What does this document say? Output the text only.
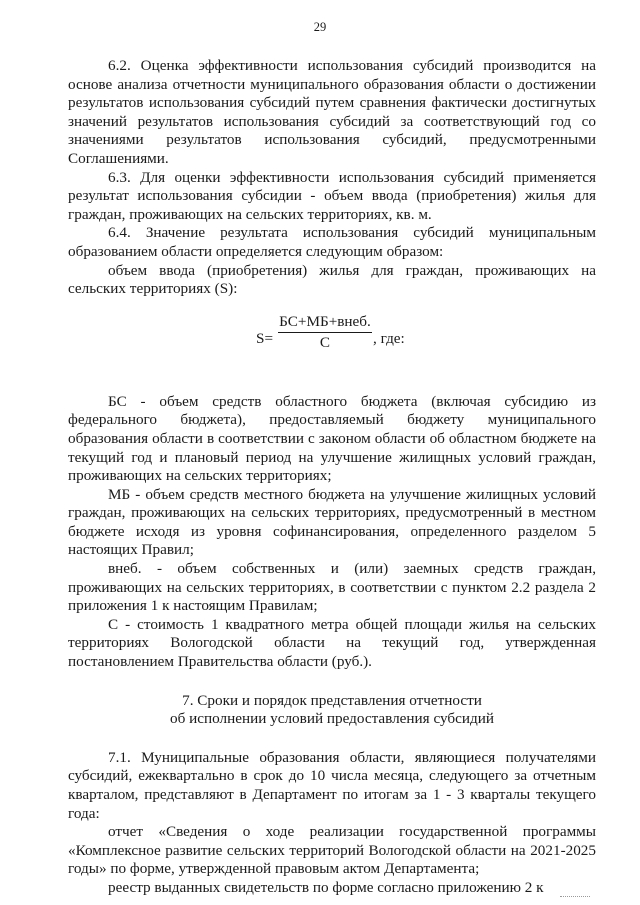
29

6.2. Оценка эффективности использования субсидий производится на основе анализа отчетности муниципального образования области о достижении результатов использования субсидий путем сравнения фактически достигнутых значений результатов использования субсидий за соответствующий год со значениями результатов использования субсидий, предусмотренными Соглашениями.

6.3. Для оценки эффективности использования субсидий применяется результат использования субсидии - объем ввода (приобретения) жилья для граждан, проживающих на сельских территориях, кв. м.

6.4. Значение результата использования субсидий муниципальным образованием области определяется следующим образом:

объем ввода (приобретения) жилья для граждан, проживающих на сельских территориях (S):

S=
БС+МБ+внеб.
С	, где:

БС - объем средств областного бюджета (включая субсидию из федерального бюджета), предоставляемый бюджету муниципального образования области в соответствии с законом области об областном бюджете на текущий год и плановый период на улучшение жилищных условий граждан, проживающих на сельских территориях;

МБ - объем средств местного бюджета на улучшение жилищных условий граждан, проживающих на сельских территориях, предусмотренный в местном бюджете исходя из уровня софинансирования, определенного разделом 5 настоящих Правил;

внеб. - объем собственных и (или) заемных средств граждан, проживающих на сельских территориях, в соответствии с пунктом 2.2 раздела 2 приложения 1 к настоящим Правилам;

С - стоимость 1 квадратного метра общей площади жилья на сельских территориях Вологодской области на текущий год, утвержденная постановлением Правительства области (руб.).

7. Сроки и порядок представления отчетности
об исполнении условий предоставления субсидий

7.1. Муниципальные образования области, являющиеся получателями субсидий, ежеквартально в срок до 10 числа месяца, следующего за отчетным кварталом, представляют в Департамент по итогам за 1 - 3 кварталы текущего года:

отчет «Сведения о ходе реализации государственной программы «Комплексное развитие сельских территорий Вологодской области на 2021-2025 годы» по форме, утвержденной правовым актом Департамента;

реестр выданных свидетельств по форме согласно приложению 2 к
